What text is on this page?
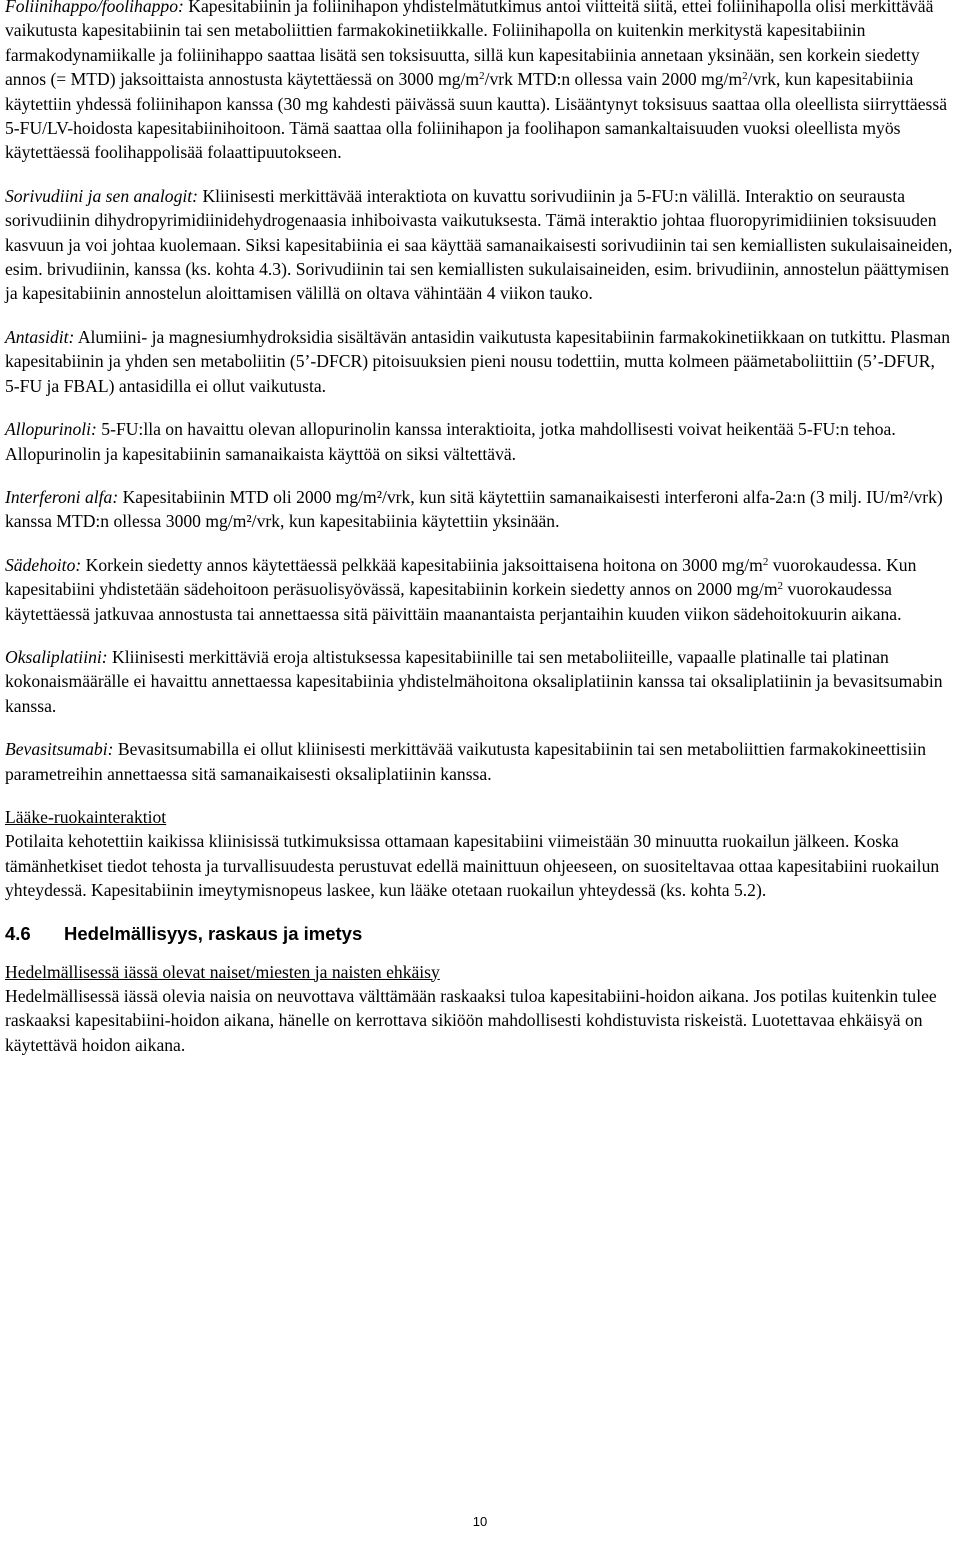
Foliinihappo/foolihappo: Kapesitabiinin ja foliinihapon yhdistelmätutkimus antoi viitteitä siitä, ettei foliinihapolla olisi merkittävää vaikutusta kapesitabiinin tai sen metaboliittien farmakokinetiikkalle. Foliinihapolla on kuitenkin merkitystä kapesitabiinin farmakodynamiikalle ja foliinihappo saattaa lisätä sen toksisuutta, sillä kun kapesitabiinia annetaan yksinään, sen korkein siedetty annos (= MTD) jaksoittaista annostusta käytettäessä on 3000 $mg/m^2$/vrk MTD:n ollessa vain 2000 $mg/m^2$/vrk, kun kapesitabiinia käytettiin yhdessä foliinihapon kanssa (30 mg kahdesti päivässä suun kautta). Lisääntynyt toksisuus saattaa olla oleellista siirryttäessä 5-FU/LV-hoidosta kapesitabiinihoitoon. Tämä saattaa olla foliinihapon ja foolihapon samankaltaisuuden vuoksi oleellista myös käytettäessä foolihappolisää folaattipuutokseen.

Sorivudiini ja sen analogit: Kliinisesti merkittävää interaktiota on kuvattu sorivudiinin ja 5-FU:n välillä. Interaktio on seurausta sorivudiinin dihydropyrimidiinidehydrogenaasia inhiboivasta vaikutuksesta. Tämä interaktio johtaa fluoropyrimidiinien toksisuuden kasvuun ja voi johtaa kuolemaan. Siksi kapesitabiinia ei saa käyttää samanaikaisesti sorivudiinin tai sen kemiallisten sukulaisaineiden, esim. brivudiinin, kanssa (ks. kohta 4.3). Sorivudiinin tai sen kemiallisten sukulaisaineiden, esim. brivudiinin, annostelun päättymisen ja kapesitabiinin annostelun aloittamisen välillä on oltava vähintään 4 viikon tauko.

Antasidit: Alumiini- ja magnesiumhydroksidia sisältävän antasidin vaikutusta kapesitabiinin farmakokinetiikkaan on tutkittu. Plasman kapesitabiinin ja yhden sen metaboliitin (5’-DFCR) pitoisuuksien pieni nousu todettiin, mutta kolmeen päämetaboliittiin (5’-DFUR, 5-FU ja FBAL) antasidilla ei ollut vaikutusta.

Allopurinoli: 5-FU:lla on havaittu olevan allopurinolin kanssa interaktioita, jotka mahdollisesti voivat heikentää 5-FU:n tehoa. Allopurinolin ja kapesitabiinin samanaikaista käyttöä on siksi vältettävä.

Interferoni alfa: Kapesitabiinin MTD oli 2000 mg/m²/vrk, kun sitä käytettiin samanaikaisesti interferoni alfa-2a:n (3 milj. IU/m²/vrk) kanssa MTD:n ollessa 3000 mg/m²/vrk, kun kapesitabiinia käytettiin yksinään.

Sädehoito: Korkein siedetty annos käytettäessä pelkkää kapesitabiinia jaksoittaisena hoitona on 3000 $mg/m^2$ vuorokaudessa. Kun kapesitabiini yhdistetään sädehoitoon peräsuolisyövässä, kapesitabiinin korkein siedetty annos on 2000 $mg/m^2$ vuorokaudessa käytettäessä jatkuvaa annostusta tai annettaessa sitä päivittäin maanantaista perjantaihin kuuden viikon sädehoitokuurin aikana.

Oksaliplatiini: Kliinisesti merkittäviä eroja altistuksessa kapesitabiinille tai sen metaboliiteille, vapaalle platinalle tai platinan kokonaismäärälle ei havaittu annettaessa kapesitabiinia yhdistelmähoitona oksaliplatiinin kanssa tai oksaliplatiinin ja bevasitsumabin kanssa.

Bevasitsumabi: Bevasitsumabilla ei ollut kliinisesti merkittävää vaikutusta kapesitabiinin tai sen metaboliittien farmakokineettisiin parametreihin annettaessa sitä samanaikaisesti oksaliplatiinin kanssa.

Lääke-ruokainteraktiot
Potilaita kehotettiin kaikissa kliinisissä tutkimuksissa ottamaan kapesitabiini viimeistään 30 minuutta ruokailun jälkeen. Koska tämänhetkiset tiedot tehosta ja turvallisuudesta perustuvat edellä mainittuun ohjeeseen, on suositeltavaa ottaa kapesitabiini ruokailun yhteydessä. Kapesitabiinin imeytymisnopeus laskee, kun lääke otetaan ruokailun yhteydessä (ks. kohta 5.2).

4.6 Hedelmällisyys, raskaus ja imetys

Hedelmällisessä iässä olevat naiset/miesten ja naisten ehkäisy
Hedelmällisessä iässä olevia naisia on neuvottava välttämään raskaaksi tuloa kapesitabiini-hoidon aikana. Jos potilas kuitenkin tulee raskaaksi kapesitabiini-hoidon aikana, hänelle on kerrottava sikiöön mahdollisesti kohdistuvista riskeistä. Luotettavaa ehkäisyä on käytettävä hoidon aikana.

10
